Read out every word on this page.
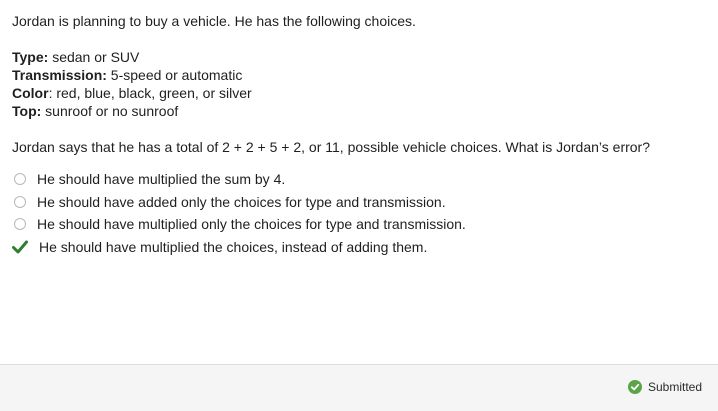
Jordan is planning to buy a vehicle. He has the following choices.
Type: sedan or SUV
Transmission: 5-speed or automatic
Color: red, blue, black, green, or silver
Top: sunroof or no sunroof
Jordan says that he has a total of 2 + 2 + 5 + 2, or 11, possible vehicle choices. What is Jordan’s error?
He should have multiplied the sum by 4.
He should have added only the choices for type and transmission.
He should have multiplied only the choices for type and transmission.
He should have multiplied the choices, instead of adding them.
Submitted
